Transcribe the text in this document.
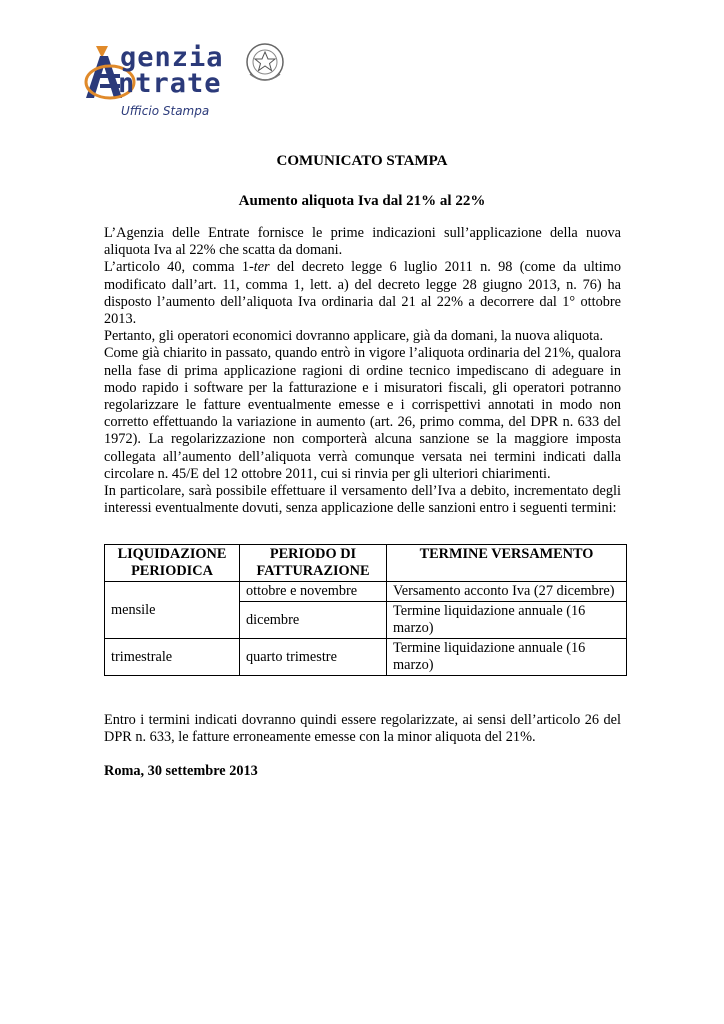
genzia
ntrate
Ufficio Stampa
COMUNICATO STAMPA
Aumento aliquota Iva dal 21% al 22%

L’Agenzia delle Entrate fornisce le prime indicazioni sull’applicazione della nuova aliquota Iva al 22% che scatta da domani.

L’articolo 40, comma 1-ter del decreto legge 6 luglio 2011 n. 98 (come da ultimo modificato dall’art. 11, comma 1, lett. a) del decreto legge 28 giugno 2013, n. 76) ha disposto l’aumento dell’aliquota Iva ordinaria dal 21 al 22% a decorrere dal 1° ottobre 2013.

Pertanto, gli operatori economici dovranno applicare, già da domani, la nuova aliquota.

Come già chiarito in passato, quando entrò in vigore l’aliquota ordinaria del 21%, qualora nella fase di prima applicazione ragioni di ordine tecnico impediscano di adeguare in modo rapido i software per la fatturazione e i misuratori fiscali, gli operatori potranno regolarizzare le fatture eventualmente emesse e i corrispettivi annotati in modo non corretto effettuando la variazione in aumento (art. 26, primo comma, del DPR n. 633 del 1972). La regolarizzazione non comporterà alcuna sanzione se la maggiore imposta collegata all’aumento dell’aliquota verrà comunque versata nei termini indicati dalla circolare n. 45/E del 12 ottobre 2011, cui si rinvia per gli ulteriori chiarimenti.

In particolare, sarà possibile effettuare il versamento dell’Iva a debito, incrementato degli interessi eventualmente dovuti, senza applicazione delle sanzioni entro i seguenti termini:

LIQUIDAZIONE PERIODICA	PERIODO DI FATTURAZIONE	TERMINE VERSAMENTO
mensile	ottobre e novembre	Versamento acconto Iva (27 dicembre)
	dicembre	Termine liquidazione annuale (16 marzo)
trimestrale	quarto trimestre	Termine liquidazione annuale (16 marzo)
Entro i termini indicati dovranno quindi essere regolarizzate, ai sensi dell’articolo 26 del DPR n. 633, le fatture erroneamente emesse con la minor aliquota del 21%.
Roma, 30 settembre 2013
